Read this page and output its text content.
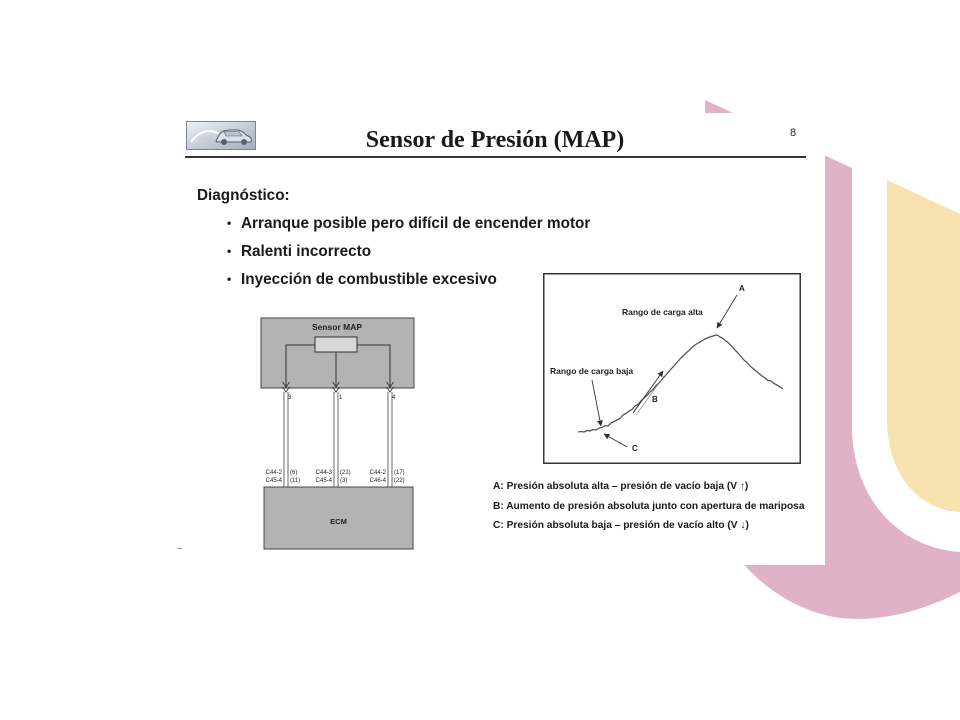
Sensor de Presión (MAP)	8
Diagnóstico:
•
Arranque posible pero difícil de encender motor
•
Ralenti incorrecto
•
Inyección de combustible excesivo
Sensor MAP
3	1	4
C44-2 (6)
C45-4 (11)
C44-3 (21)
C45-4 (3)
C44-2 (17)
C46-4 (22)
ECM
A
Rango de carga alta
Rango de carga baja
B
C
A: Presión absoluta alta – presión de vacío baja (V ↑)
B: Aumento de presión absoluta junto con apertura de mariposa
C: Presión absoluta baja – presión de vacío alto (V ↓)
